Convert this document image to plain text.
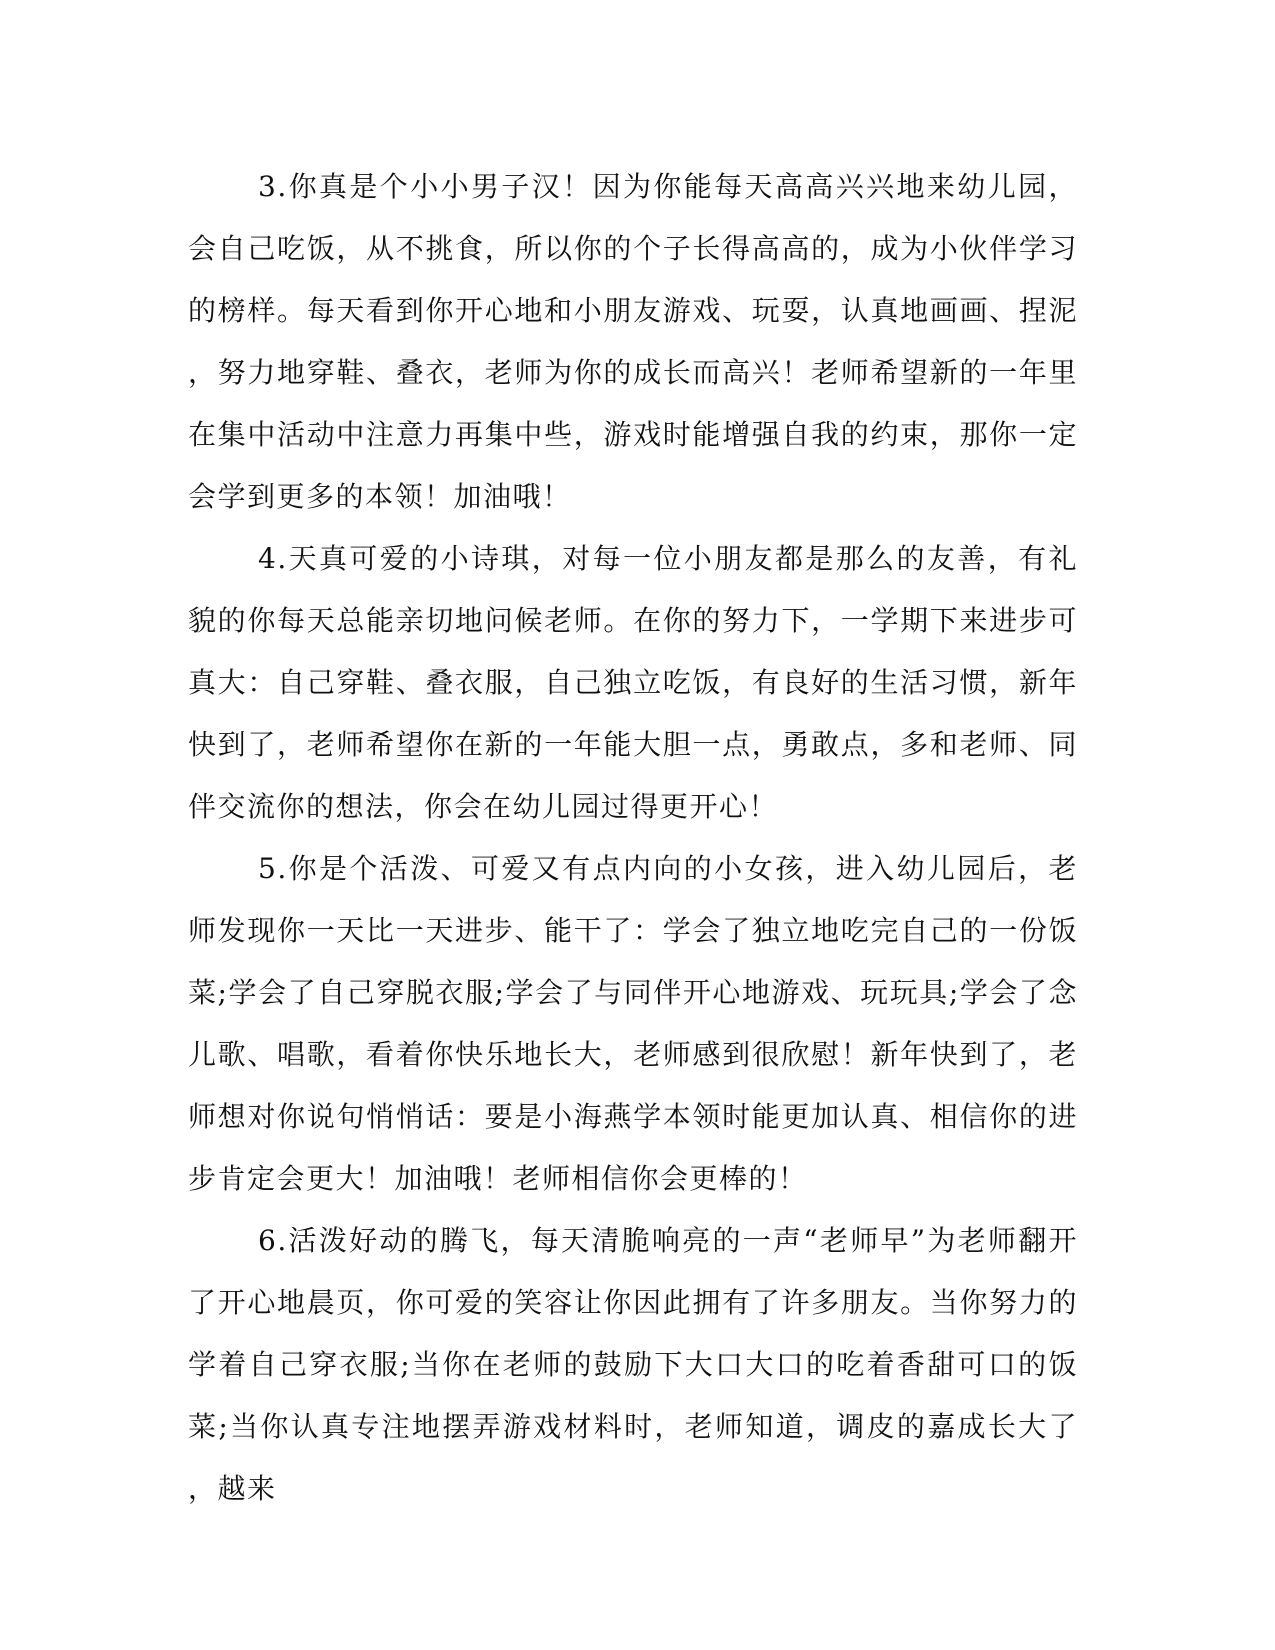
3.你真是个小小男子汉！因为你能每天高高兴兴地来幼儿园，会自己吃饭，从不挑食，所以你的个子长得高高的，成为小伙伴学习的榜样。每天看到你开心地和小朋友游戏、玩耍，认真地画画、捏泥，努力地穿鞋、叠衣，老师为你的成长而高兴！老师希望新的一年里在集中活动中注意力再集中些，游戏时能增强自我的约束，那你一定会学到更多的本领！加油哦！

4.天真可爱的小诗琪，对每一位小朋友都是那么的友善，有礼貌的你每天总能亲切地问候老师。在你的努力下，一学期下来进步可真大：自己穿鞋、叠衣服，自己独立吃饭，有良好的生活习惯，新年快到了，老师希望你在新的一年能大胆一点，勇敢点，多和老师、同伴交流你的想法，你会在幼儿园过得更开心！

5.你是个活泼、可爱又有点内向的小女孩，进入幼儿园后，老师发现你一天比一天进步、能干了：学会了独立地吃完自己的一份饭菜;学会了自己穿脱衣服;学会了与同伴开心地游戏、玩玩具;学会了念儿歌、唱歌，看着你快乐地长大，老师感到很欣慰！新年快到了，老师想对你说句悄悄话：要是小海燕学本领时能更加认真、相信你的进步肯定会更大！加油哦！老师相信你会更棒的！

6.活泼好动的腾飞，每天清脆响亮的一声“老师早”为老师翻开了开心地晨页，你可爱的笑容让你因此拥有了许多朋友。当你努力的学着自己穿衣服;当你在老师的鼓励下大口大口的吃着香甜可口的饭菜;当你认真专注地摆弄游戏材料时，老师知道，调皮的嘉成长大了，越来
